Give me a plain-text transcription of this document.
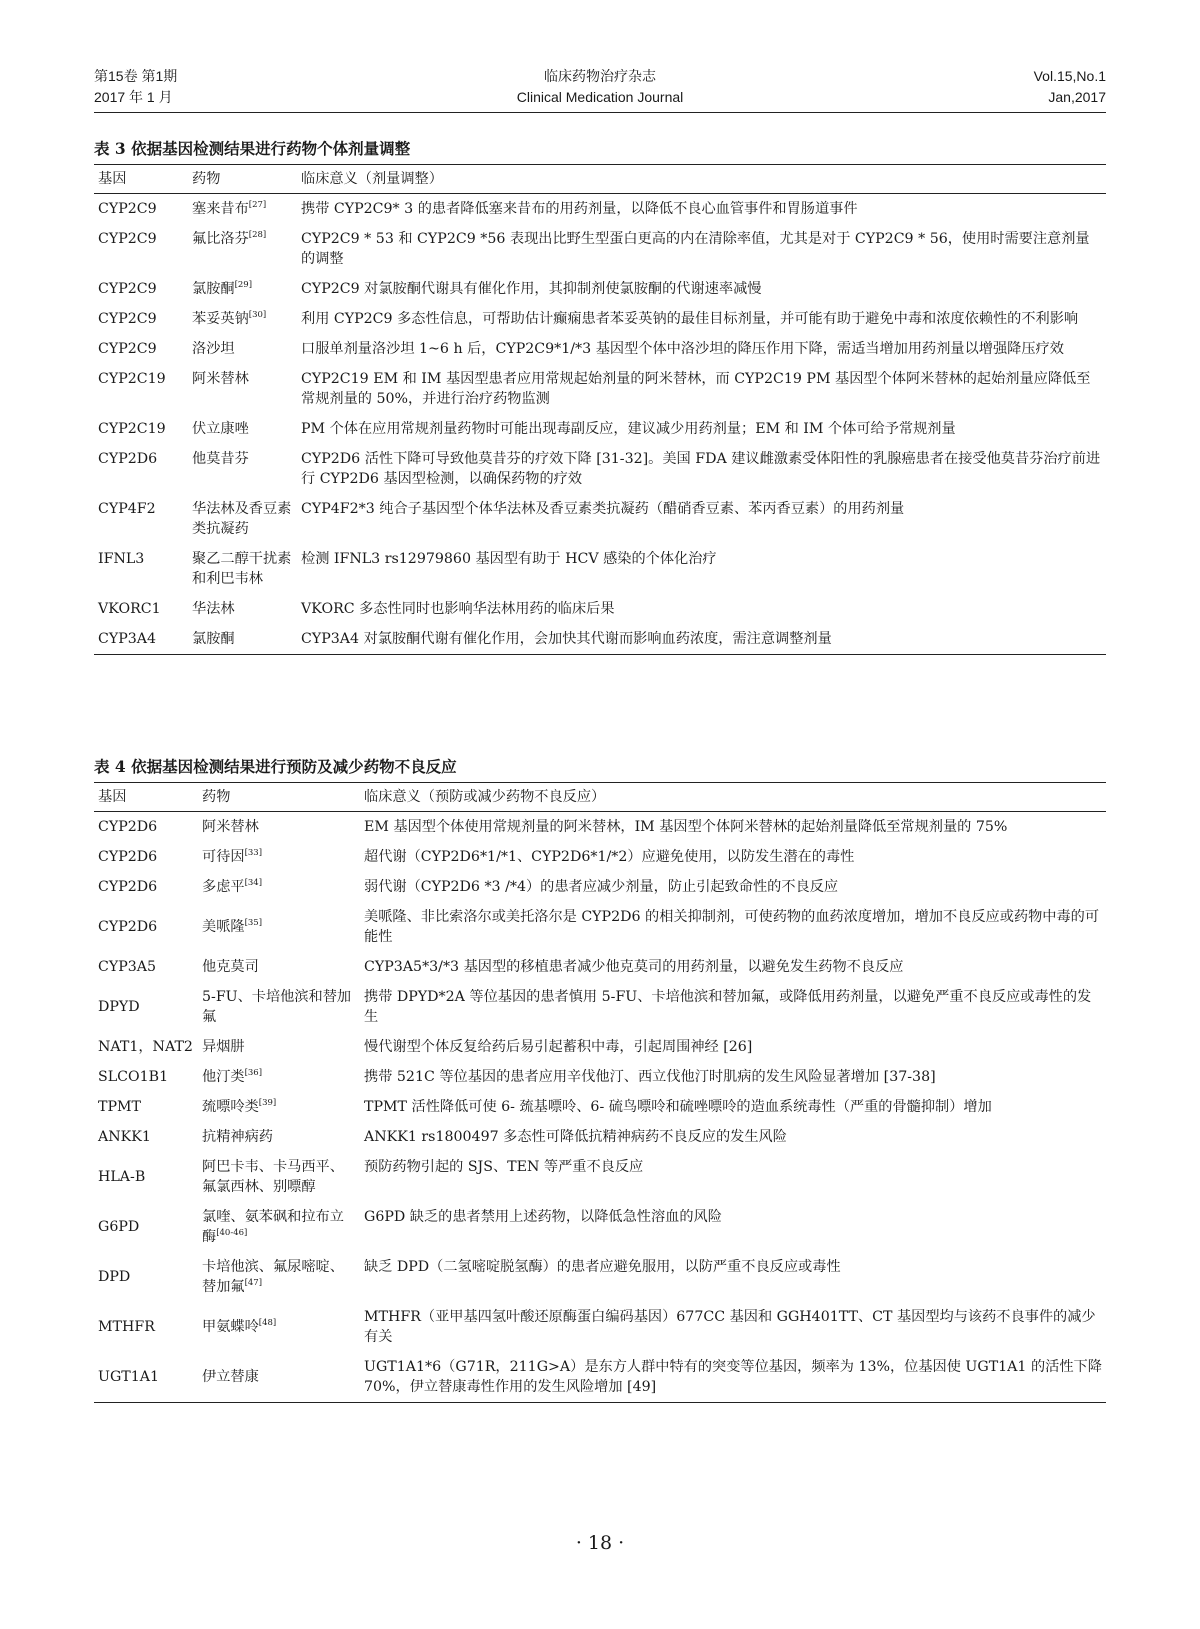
第15卷 第1期
2017 年 1 月
临床药物治疗杂志
Clinical Medication Journal
Vol.15,No.1
Jan,2017
表 3 依据基因检测结果进行药物个体剂量调整
基因	药物	临床意义（剂量调整）
CYP2C9	塞来昔布[27]	携带 CYP2C9* 3 的患者降低塞来昔布的用药剂量，以降低不良心血管事件和胃肠道事件
CYP2C9	氟比洛芬[28]	CYP2C9 * 53 和 CYP2C9 *56 表现出比野生型蛋白更高的内在清除率值，尤其是对于 CYP2C9 * 56，使用时需要注意剂量的调整
CYP2C9	氯胺酮[29]	CYP2C9 对氯胺酮代谢具有催化作用，其抑制剂使氯胺酮的代谢速率减慢
CYP2C9	苯妥英钠[30]	利用 CYP2C9 多态性信息，可帮助估计癫痫患者苯妥英钠的最佳目标剂量，并可能有助于避免中毒和浓度依赖性的不利影响
CYP2C9	洛沙坦	口服单剂量洛沙坦 1~6 h 后，CYP2C9*1/*3 基因型个体中洛沙坦的降压作用下降，需适当增加用药剂量以增强降压疗效
CYP2C19	阿米替林	CYP2C19 EM 和 IM 基因型患者应用常规起始剂量的阿米替林，而 CYP2C19 PM 基因型个体阿米替林的起始剂量应降低至常规剂量的 50%，并进行治疗药物监测
CYP2C19	伏立康唑	PM 个体在应用常规剂量药物时可能出现毒副反应，建议减少用药剂量；EM 和 IM 个体可给予常规剂量
CYP2D6	他莫昔芬	CYP2D6 活性下降可导致他莫昔芬的疗效下降 [31-32]。美国 FDA 建议雌激素受体阳性的乳腺癌患者在接受他莫昔芬治疗前进行 CYP2D6 基因型检测，以确保药物的疗效
CYP4F2	华法林及香豆素类抗凝药	CYP4F2*3 纯合子基因型个体华法林及香豆素类抗凝药（醋硝香豆素、苯丙香豆素）的用药剂量
IFNL3	聚乙二醇干扰素和利巴韦林	检测 IFNL3 rs12979860 基因型有助于 HCV 感染的个体化治疗
VKORC1	华法林	VKORC 多态性同时也影响华法林用药的临床后果
CYP3A4	氯胺酮	CYP3A4 对氯胺酮代谢有催化作用，会加快其代谢而影响血药浓度，需注意调整剂量
表 4 依据基因检测结果进行预防及减少药物不良反应
基因	药物	临床意义（预防或减少药物不良反应）
CYP2D6	阿米替林	EM 基因型个体使用常规剂量的阿米替林，IM 基因型个体阿米替林的起始剂量降低至常规剂量的 75%
CYP2D6	可待因[33]	超代谢（CYP2D6*1/*1、CYP2D6*1/*2）应避免使用，以防发生潜在的毒性
CYP2D6	多虑平[34]	弱代谢（CYP2D6 *3 /*4）的患者应减少剂量，防止引起致命性的不良反应
CYP2D6	美哌隆[35]	美哌隆、非比索洛尔或美托洛尔是 CYP2D6 的相关抑制剂，可使药物的血药浓度增加，增加不良反应或药物中毒的可能性
CYP3A5	他克莫司	CYP3A5*3/*3 基因型的移植患者减少他克莫司的用药剂量，以避免发生药物不良反应
DPYD	5-FU、卡培他滨和替加氟	携带 DPYD*2A 等位基因的患者慎用 5-FU、卡培他滨和替加氟，或降低用药剂量，以避免严重不良反应或毒性的发生
NAT1，NAT2	异烟肼	慢代谢型个体反复给药后易引起蓄积中毒，引起周围神经 [26]
SLCO1B1	他汀类[36]	携带 521C 等位基因的患者应用辛伐他汀、西立伐他汀时肌病的发生风险显著增加 [37-38]
TPMT	巯嘌呤类[39]	TPMT 活性降低可使 6- 巯基嘌呤、6- 硫鸟嘌呤和硫唑嘌呤的造血系统毒性（严重的骨髓抑制）增加
ANKK1	抗精神病药	ANKK1 rs1800497 多态性可降低抗精神病药不良反应的发生风险
HLA-B	阿巴卡韦、卡马西平、氟氯西林、别嘌醇	预防药物引起的 SJS、TEN 等严重不良反应
G6PD	氯喹、氨苯砜和拉布立酶[40-46]	G6PD 缺乏的患者禁用上述药物，以降低急性溶血的风险
DPD	卡培他滨、氟尿嘧啶、替加氟[47]	缺乏 DPD（二氢嘧啶脱氢酶）的患者应避免服用，以防严重不良反应或毒性
MTHFR	甲氨蝶呤[48]	MTHFR（亚甲基四氢叶酸还原酶蛋白编码基因）677CC 基因和 GGH401TT、CT 基因型均与该药不良事件的减少有关
UGT1A1	伊立替康	UGT1A1*6（G71R，211G>A）是东方人群中特有的突变等位基因，频率为 13%，位基因使 UGT1A1 的活性下降 70%，伊立替康毒性作用的发生风险增加 [49]
· 18 ·
